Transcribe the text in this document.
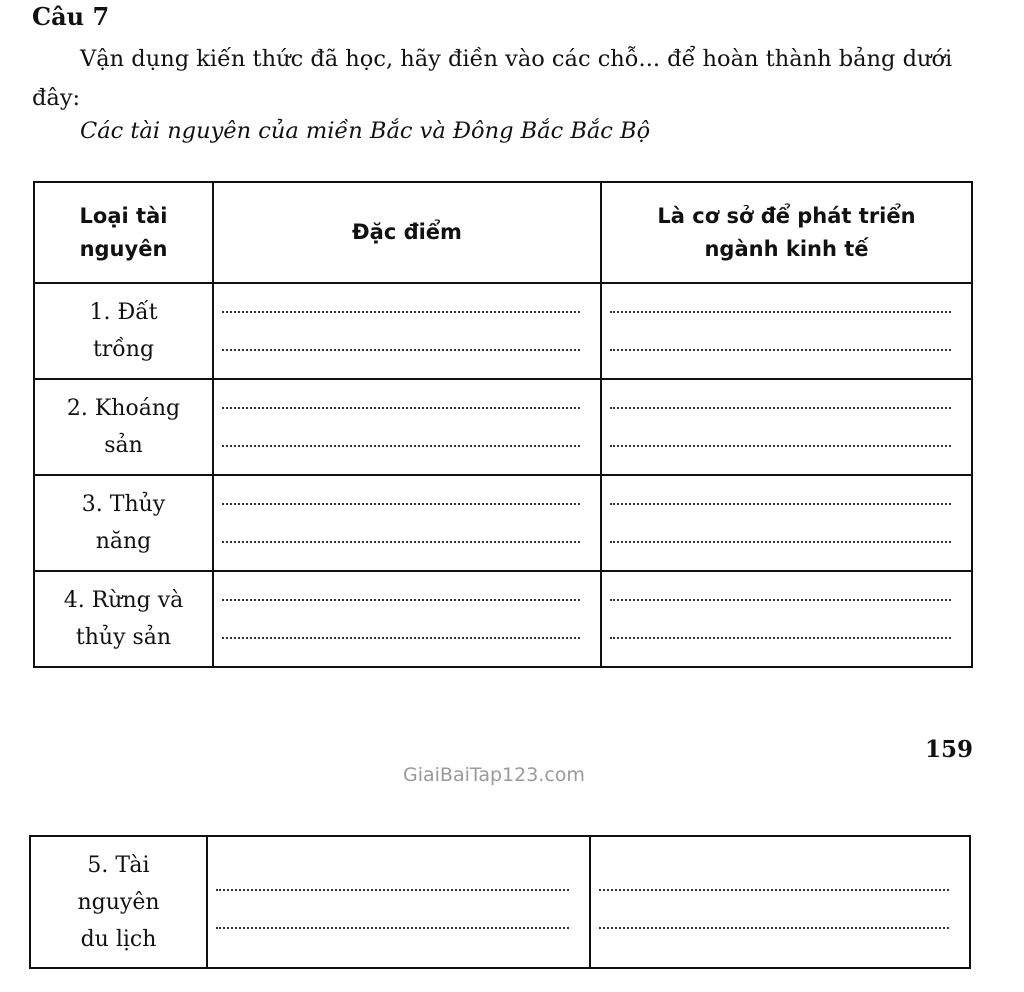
Câu 7
Vận dụng kiến thức đã học, hãy điền vào các chỗ... để hoàn thành bảng dưới đây:
Các tài nguyên của miền Bắc và Đông Bắc Bắc Bộ
Loại tài nguyên	Đặc điểm	Là cơ sở để phát triển ngành kinh tế
1. Đất trồng	

2. Khoáng sản	

3. Thủy năng	

4. Rừng và thủy sản	

159
GiaiBaiTap123.com
5. Tài nguyên du lịch	
